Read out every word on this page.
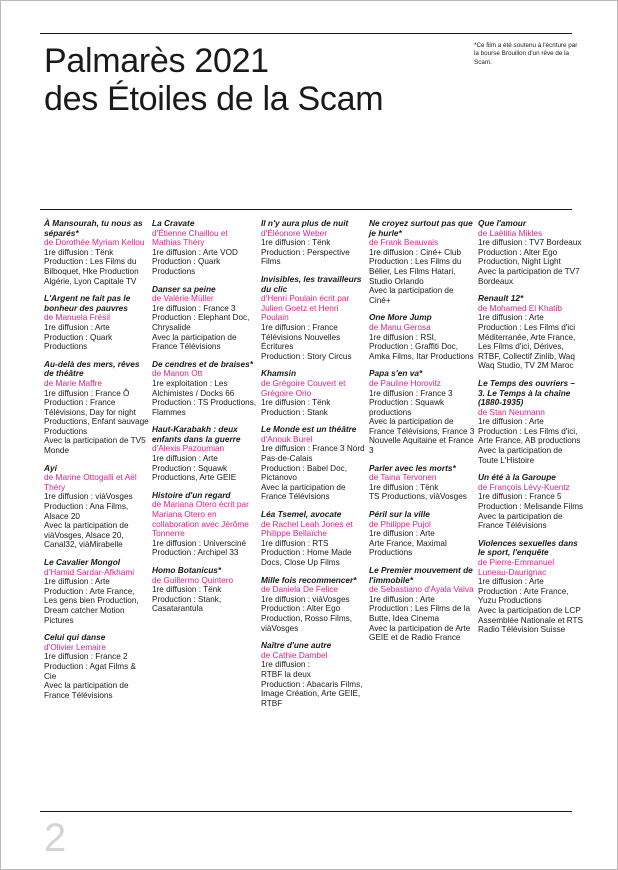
Palmarès 2021
des Étoiles de la Scam
*Ce film a été soutenu à l'écriture par la bourse Brouillon d'un rêve de la Scam.
À Mansourah, tu nous as séparés*
de Dorothée Myriam Kellou
1re diffusion : Tënk
Production : Les Films du Bilboquet, Hke Production Algérie, Lyon Capitale TV
L'Argent ne fait pas le bonheur des pauvres
de Manuela Frésil
1re diffusion : Arte
Production : Quark Productions
Au-delà des mers, rêves de théâtre
de Marie Maffre
1re diffusion : France Ô
Production : France Télévisions, Day for night Productions, Enfant sauvage Productions
Avec la participation de TV5 Monde
Ayi
de Marine Ottogalli et Aël Théry
1re diffusion : viàVosges
Production : Ana Films, Alsace 20
Avec la participation de viàVosges, Alsace 20, Canal32, viàMirabelle
Le Cavalier Mongol
d'Hamid Sardar-Afkhami
1re diffusion : Arte
Production : Arte France, Les gens bien Production, Dream catcher Motion Pictures
Celui qui danse
d'Olivier Lemaire
1re diffusion : France 2
Production : Agat Films & Cie
Avec la participation de France Télévisions
La Cravate
d'Étienne Chaillou et Mathias Théry
1re diffusion : Arte VOD
Production : Quark Productions
Danser sa peine
de Valérie Müller
1re diffusion : France 3
Production : Elephant Doc, Chrysalide
Avec la participation de France Télévisions
De cendres et de braises*
de Manon Ott
1re exploitation : Les Alchimistes / Docks 66
Production : TS Productions, Flammes
Haut-Karabakh : deux enfants dans la guerre
d'Alexis Pazoumian
1re diffusion : Arte
Production : Squawk Productions, Arte GEIE
Histoire d'un regard
de Mariana Otero écrit par Mariana Otero en collaboration avec Jérôme Tonnerre
1re diffusion : Universciné
Production : Archipel 33
Homo Botanicus*
de Guillermo Quintero
1re diffusion : Tënk
Production : Stank, Casatarantula
Il n'y aura plus de nuit
d'Éléonore Weber
1re diffusion : Tënk
Production : Perspective Films
Invisibles, les travailleurs du clic
d'Henri Poulain écrit par Julien Goetz et Henri Poulain
1re diffusion : France Télévisions Nouvelles Écritures
Production : Story Circus
Khamsin
de Grégoire Couvert et Grégoire Orio
1re diffusion : Tënk
Production : Stank
Le Monde est un théâtre
d'Anouk Burel
1re diffusion : France 3 Nord Pas-de-Calais
Production : Babel Doc, Pictanovo
Avec la participation de France Télévisions
Léa Tsemel, avocate
de Rachel Leah Jones et Philippe Bellaïche
1re diffusion : RTS
Production : Home Made Docs, Close Up Films
Mille fois recommencer*
de Daniela De Felice
1re diffusion : viàVosges
Production : Alter Ego Production, Rosso Films, viàVosges
Naître d'une autre
de Cathie Dambel
1re diffusion :
RTBF la deux
Production : Abacaris Films, Image Création, Arte GEIE, RTBF
Ne croyez surtout pas que je hurle*
de Frank Beauvais
1re diffusion : Ciné+ Club
Production : Les Films du Bélier, Les Films Hatari, Studio Orlando
Avec la participation de Ciné+
One More Jump
de Manu Gerosa
1re diffusion : RSI,
Production : Graffiti Doc, Amka Films, Itar Productions
Papa s'en va*
de Pauline Horovitz
1re diffusion : France 3
Production : Squawk productions
Avec la participation de France Télévisions, France 3 Nouvelle Aquitaine et France 3
Parler avec les morts*
de Taina Tervonen
1re diffusion : Tënk
TS Productions, viàVosges
Péril sur la ville
de Philippe Pujol
1re diffusion : Arte
Arte France, Maximal Productions
Le Premier mouvement de l'immobile*
de Sebastiano d'Ayala Valva
1re diffusion : Arte
Production : Les Films de la Butte, Idea Cinema
Avec la participation de Arte GEIE et de Radio France
Que l'amour
de Laëtitia Mikles
1re diffusion : TV7 Bordeaux
Production : Alter Ego Production, Night Light
Avec la participation de TV7 Bordeaux
Renault 12*
de Mohamed El Khatib
1re diffusion : Arte
Production : Les Films d'ici Méditerranée, Arte France, Les Films d'ici, Dérives, RTBF, Collectif Zinlib, Waq Waq Studio, TV 2M Maroc
Le Temps des ouvriers – 3. Le Temps à la chaîne (1880-1935)
de Stan Neumann
1re diffusion : Arte
Production : Les Films d'ici, Arte France, AB productions
Avec la participation de Toute L'Histoire
Un été à la Garoupe
de François Lévy-Kuentz
1re diffusion : France 5
Production : Melisande Films
Avec la participation de France Télévisions
Violences sexuelles dans le sport, l'enquête
de Pierre-Emmanuel Luneau-Daurignac
1re diffusion : Arte
Production : Arte France, Yuzu Productions
Avec la participation de LCP Assemblée Nationale et RTS Radio Télévision Suisse
2
